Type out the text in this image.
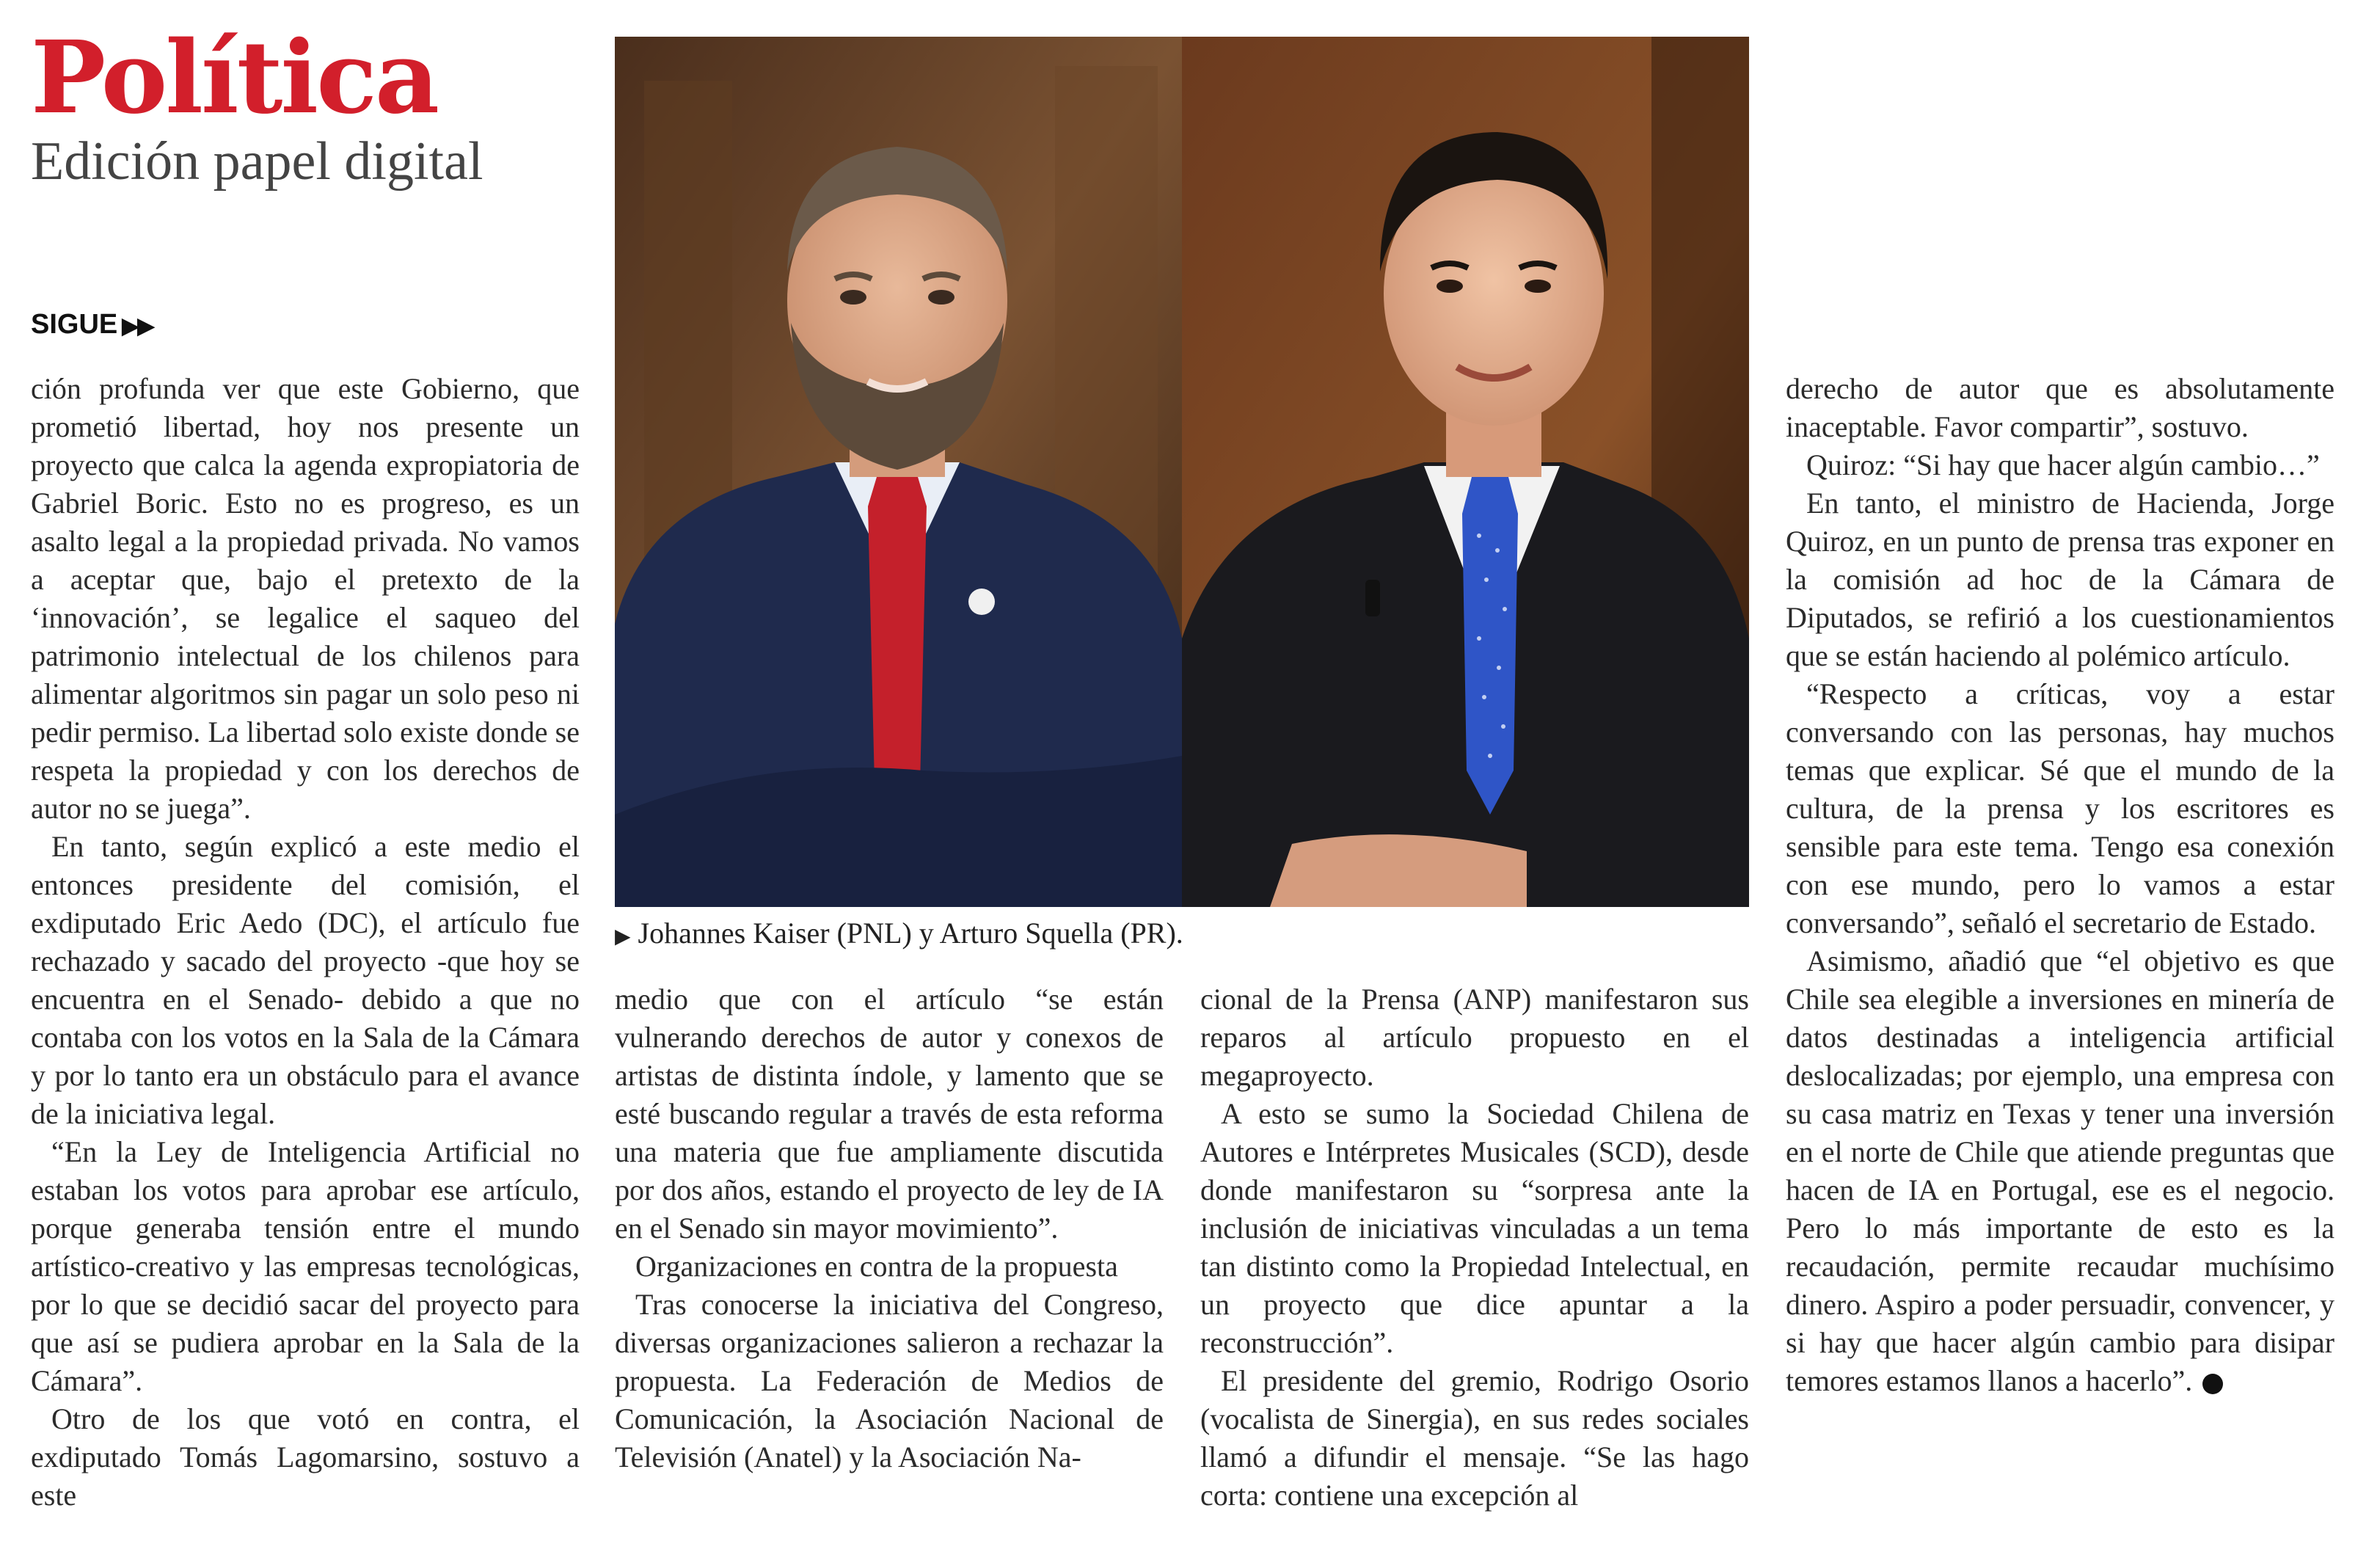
Política
Edición papel digital
SIGUE ▶▶

ción profunda ver que este Gobierno, que prometió libertad, hoy nos presente un proyecto que calca la agenda expropiatoria de Gabriel Boric. Esto no es progreso, es un asalto legal a la propiedad privada. No vamos a aceptar que, bajo el pretexto de la ‘innovación’, se legalice el saqueo del patrimonio intelectual de los chilenos para alimentar algoritmos sin pagar un solo peso ni pedir permiso. La libertad solo existe donde se respeta la propiedad y con los derechos de autor no se juega”.

En tanto, según explicó a este medio el entonces presidente del comisión, el exdiputado Eric Aedo (DC), el artículo fue rechazado y sacado del proyecto -que hoy se encuentra en el Senado- debido a que no contaba con los votos en la Sala de la Cámara y por lo tanto era un obstáculo para el avance de la iniciativa legal.

“En la Ley de Inteligencia Artificial no estaban los votos para aprobar ese artículo, porque generaba tensión entre el mundo artístico-creativo y las empresas tecnológicas, por lo que se decidió sacar del proyecto para que así se pudiera aprobar en la Sala de la Cámara”.

Otro de los que votó en contra, el exdiputado Tomás Lagomarsino, sostuvo a este

▶ Johannes Kaiser (PNL) y Arturo Squella (PR).

medio que con el artículo “se están vulnerando derechos de autor y conexos de artistas de distinta índole, y lamento que se esté buscando regular a través de esta reforma una materia que fue ampliamente discutida por dos años, estando el proyecto de ley de IA en el Senado sin mayor movimiento”.

Organizaciones en contra de la propuesta

Tras conocerse la iniciativa del Congreso, diversas organizaciones salieron a rechazar la propuesta. La Federación de Medios de Comunicación, la Asociación Nacional de Televisión (Anatel) y la Asociación Na-

cional de la Prensa (ANP) manifestaron sus reparos al artículo propuesto en el megaproyecto.

A esto se sumo la Sociedad Chilena de Autores e Intérpretes Musicales (SCD), desde donde manifestaron su “sorpresa ante la inclusión de iniciativas vinculadas a un tema tan distinto como la Propiedad Intelectual, en un proyecto que dice apuntar a la reconstrucción”.

El presidente del gremio, Rodrigo Osorio (vocalista de Sinergia), en sus redes sociales llamó a difundir el mensaje. “Se las hago corta: contiene una excepción al

derecho de autor que es absolutamente inaceptable. Favor compartir”, sostuvo.

Quiroz: “Si hay que hacer algún cambio…”

En tanto, el ministro de Hacienda, Jorge Quiroz, en un punto de prensa tras exponer en la comisión ad hoc de la Cámara de Diputados, se refirió a los cuestionamientos que se están haciendo al polémico artículo.

“Respecto a críticas, voy a estar conversando con las personas, hay muchos temas que explicar. Sé que el mundo de la cultura, de la prensa y los escritores es sensible para este tema. Tengo esa conexión con ese mundo, pero lo vamos a estar conversando”, señaló el secretario de Estado.

Asimismo, añadió que “el objetivo es que Chile sea elegible a inversiones en minería de datos destinadas a inteligencia artificial deslocalizadas; por ejemplo, una empresa con su casa matriz en Texas y tener una inversión en el norte de Chile que atiende preguntas que hacen de IA en Portugal, ese es el negocio. Pero lo más importante de esto es la recaudación, permite recaudar muchísimo dinero. Aspiro a poder persuadir, convencer, y si hay que hacer algún cambio para disipar temores estamos llanos a hacerlo”.
